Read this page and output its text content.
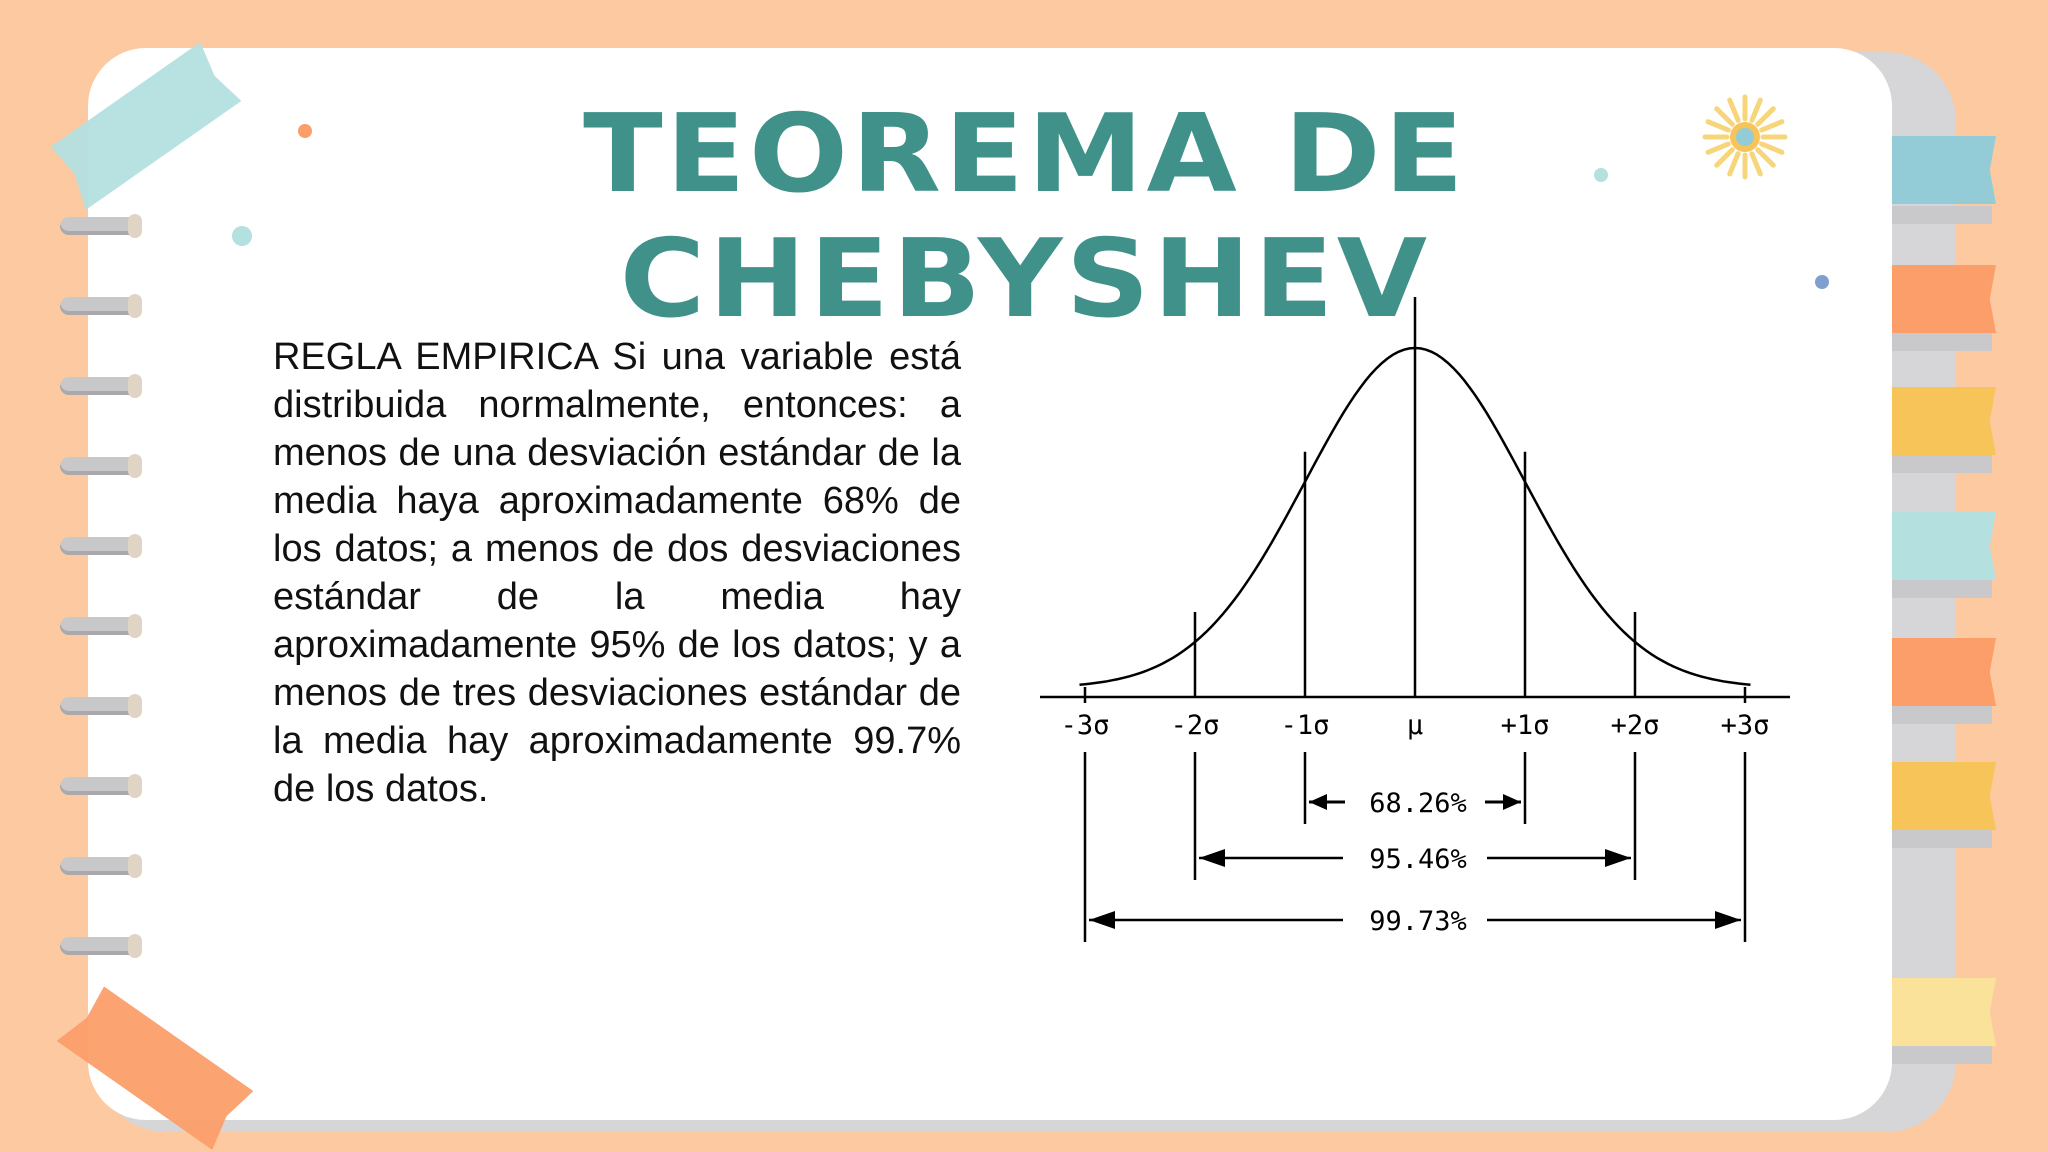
TEOREMA DE CHEBYSHEV

REGLA EMPIRICA Si una variable está distribuida normalmente, entonces: a menos de una desviación estándar de la media haya aproximadamente 68% de los datos; a menos de dos desviaciones estándar de la media hay aproximadamente 95% de los datos; y a menos de tres desviaciones estándar de la media hay aproximadamente 99.7% de los datos.

-3σ -2σ -1σ	μ	+1σ +2σ +3σ
68.26%
95.46%
99.73%
